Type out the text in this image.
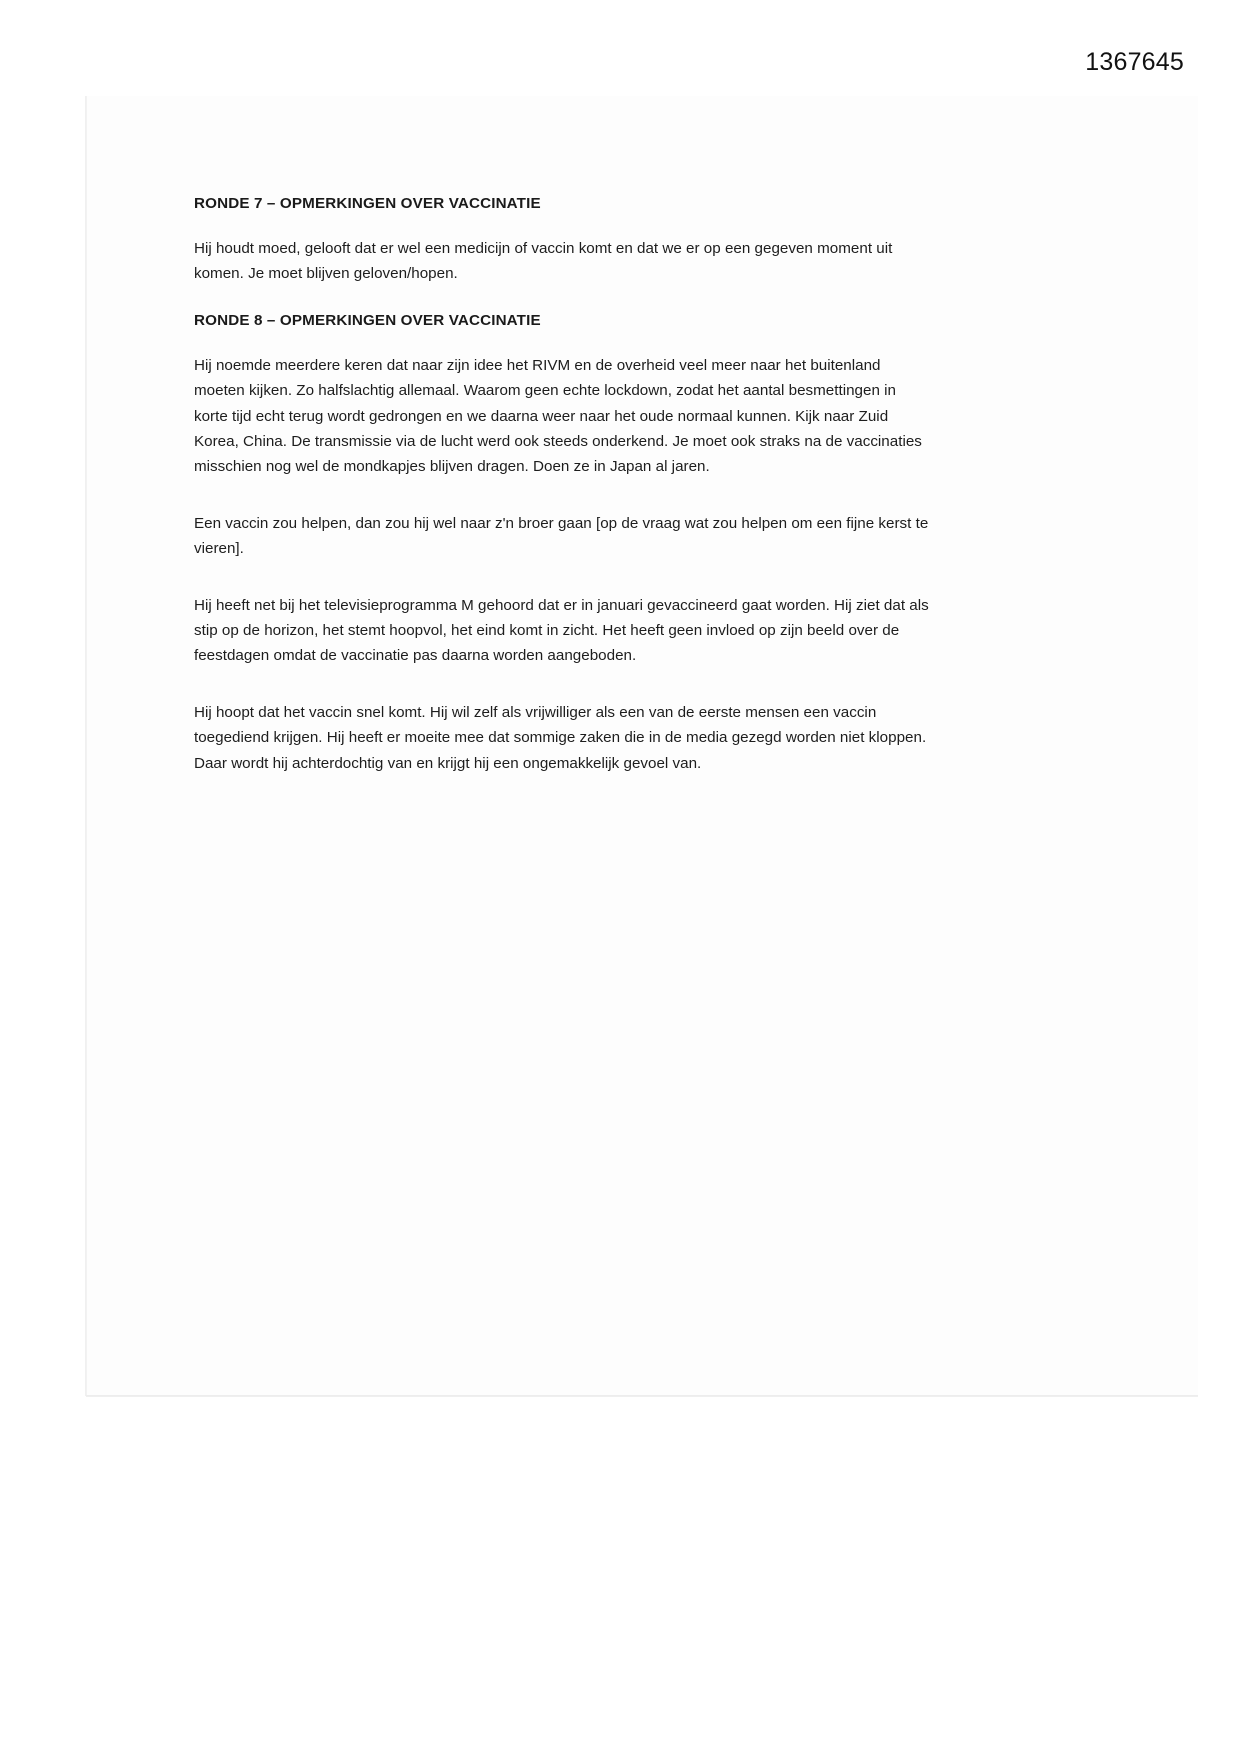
1367645

RONDE 7 – OPMERKINGEN OVER VACCINATIE

Hij houdt moed, gelooft dat er wel een medicijn of vaccin komt en dat we er op een gegeven moment uit komen. Je moet blijven geloven/hopen.

RONDE 8 – OPMERKINGEN OVER VACCINATIE

Hij noemde meerdere keren dat naar zijn idee het RIVM en de overheid veel meer naar het buitenland moeten kijken. Zo halfslachtig allemaal. Waarom geen echte lockdown, zodat het aantal besmettingen in korte tijd echt terug wordt gedrongen en we daarna weer naar het oude normaal kunnen. Kijk naar Zuid Korea, China. De transmissie via de lucht werd ook steeds onderkend. Je moet ook straks na de vaccinaties misschien nog wel de mondkapjes blijven dragen. Doen ze in Japan al jaren.

Een vaccin zou helpen, dan zou hij wel naar z'n broer gaan [op de vraag wat zou helpen om een fijne kerst te vieren].

Hij heeft net bij het televisieprogramma M gehoord dat er in januari gevaccineerd gaat worden. Hij ziet dat als stip op de horizon, het stemt hoopvol, het eind komt in zicht. Het heeft geen invloed op zijn beeld over de feestdagen omdat de vaccinatie pas daarna worden aangeboden.

Hij hoopt dat het vaccin snel komt. Hij wil zelf als vrijwilliger als een van de eerste mensen een vaccin toegediend krijgen. Hij heeft er moeite mee dat sommige zaken die in de media gezegd worden niet kloppen. Daar wordt hij achterdochtig van en krijgt hij een ongemakkelijk gevoel van.
